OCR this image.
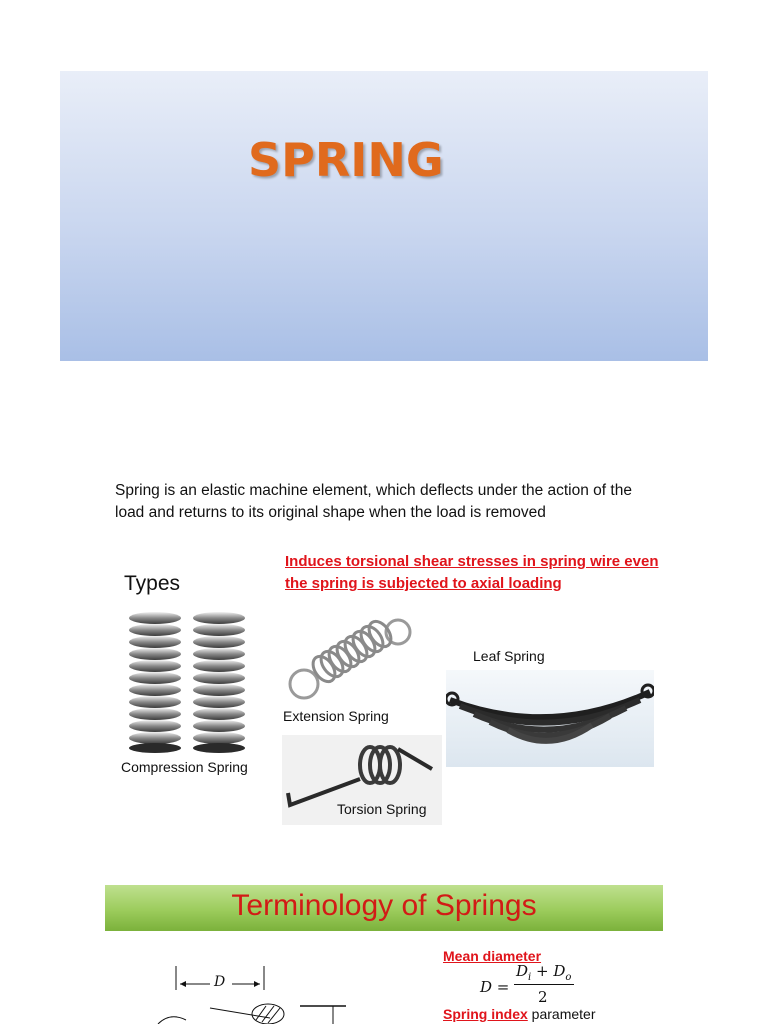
SPRING
Spring is an elastic machine element, which deflects under the action of the load and returns to its original shape when the load is removed
Induces torsional shear stresses in spring wire even the spring is subjected to axial loading
Types
Compression Spring
Extension Spring
Leaf Spring
Torsion Spring
Terminology of Springs
D
Mean diameter
D =
$D_i + D_o$
2
Spring index parameter
